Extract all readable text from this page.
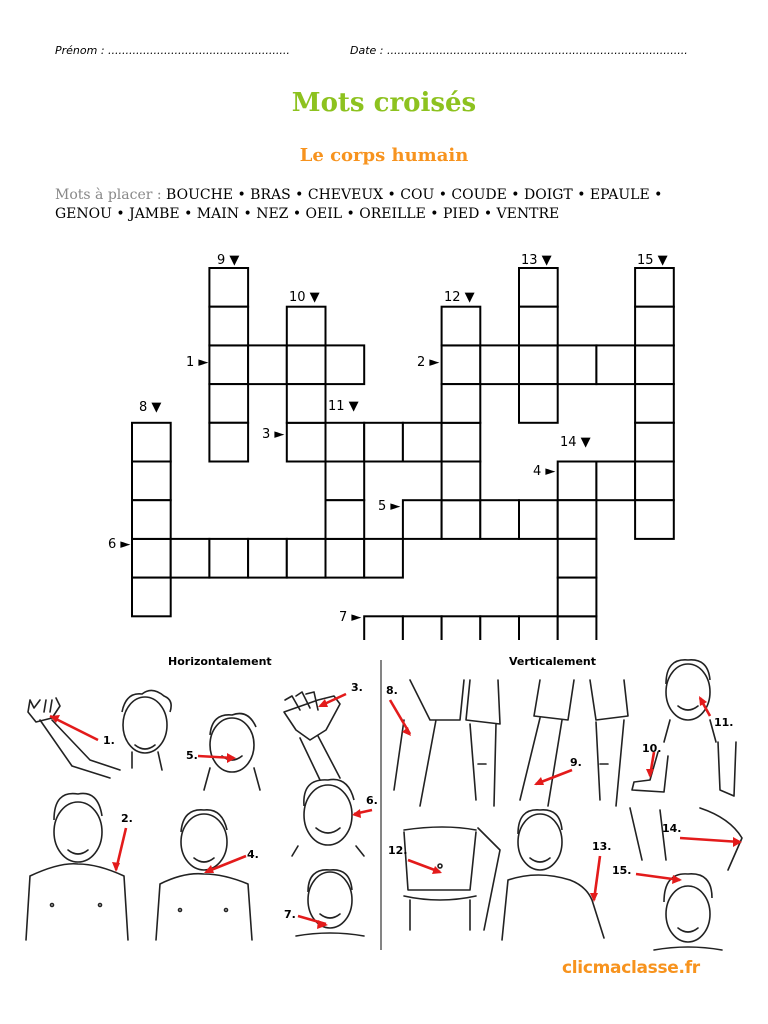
Prénom : ....................................................	Date : ......................................................................................
Mots croisés
Le corps humain
Mots à placer : BOUCHE • BRAS • CHEVEUX • COU • COUDE • DOIGT • EPAULE •
GENOU • JAMBE • MAIN • NEZ • OEIL • OREILLE • PIED • VENTRE
1 ►	2 ►
3 ►
4 ►
5 ►
6 ►
7 ►
8 ▼
9 ▼
10 ▼
11 ▼
12 ▼
13 ▼
14 ▼
15 ▼
Horizontalement	Verticalement
1.
2.
3.
4.
5.
6.
7.
8.
9.
10.
11.
12.	13.
14.
15.
clicmaclasse.fr
